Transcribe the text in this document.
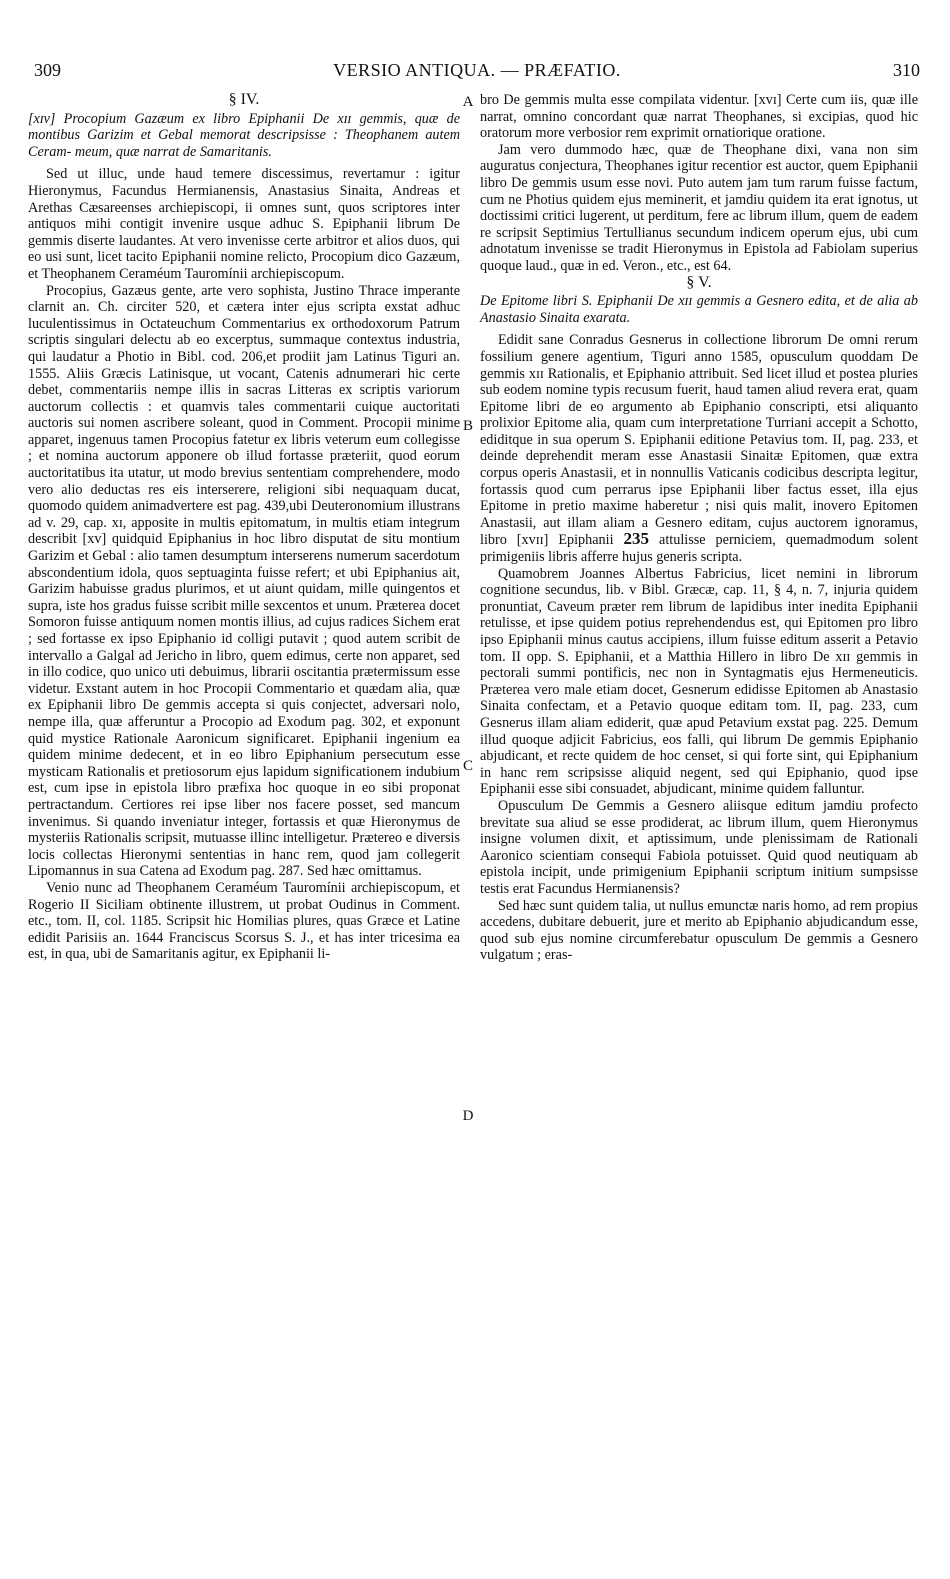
309	VERSIO ANTIQUA. — PRÆFATIO.	310
A
B
C
D
§ IV.

[xɪv] Procopium Gazæum ex libro Epiphanii De xɪɪ gemmis, quæ de montibus Garizim et Gebal memorat descripsisse : Theophanem autem Ceram- meum, quæ narrat de Samaritanis.

Sed ut illuc, unde haud temere discessimus, revertamur : igitur Hieronymus, Facundus Hermianensis, Anastasius Sinaita, Andreas et Arethas Cæsareenses archiepiscopi, ii omnes sunt, quos scriptores inter antiquos mihi contigit invenire usque adhuc S. Epiphanii librum De gemmis diserte laudantes. At vero invenisse certe arbitror et alios duos, qui eo usi sunt, licet tacito Epiphanii nomine relicto, Procopium dico Gazæum, et Theophanem Ceraméum Tauromínii archiepiscopum.

Procopius, Gazæus gente, arte vero sophista, Justino Thrace imperante clarnit an. Ch. circiter 520, et cætera inter ejus scripta exstat adhuc luculentissimus in Octateuchum Commentarius ex orthodoxorum Patrum scriptis singulari delectu ab eo excerptus, summaque contextus industria, qui laudatur a Photio in Bibl. cod. 206,et prodiit jam Latinus Tiguri an. 1555. Aliis Græcis Latinisque, ut vocant, Catenis adnumerari hic certe debet, commentariis nempe illis in sacras Litteras ex scriptis variorum auctorum collectis : et quamvis tales commentarii cuique auctoritati auctoris sui nomen ascribere soleant, quod in Comment. Procopii minime apparet, ingenuus tamen Procopius fatetur ex libris veterum eum collegisse ; et nomina auctorum apponere ob illud fortasse præteriit, quod eorum auctoritatibus ita utatur, ut modo brevius sententiam comprehendere, modo vero alio deductas res eis interserere, religioni sibi nequaquam ducat, quomodo quidem animadvertere est pag. 439,ubi Deuteronomium illustrans ad v. 29, cap. xɪ, apposite in multis epitomatum, in multis etiam integrum describit [xv] quidquid Epiphanius in hoc libro disputat de situ montium Garizim et Gebal : alio tamen desumptum interserens numerum sacerdotum abscondentium idola, quos septuaginta fuisse refert; et ubi Epiphanius ait, Garizim habuisse gradus plurimos, et ut aiunt quidam, mille quingentos et supra, iste hos gradus fuisse scribit mille sexcentos et unum. Præterea docet Somoron fuisse antiquum nomen montis illius, ad cujus radices Sichem erat ; sed fortasse ex ipso Epiphanio id colligi putavit ; quod autem scribit de intervallo a Galgal ad Jericho in libro, quem edimus, certe non apparet, sed in illo codice, quo unico uti debuimus, librarii oscitantia prætermissum esse videtur. Exstant autem in hoc Procopii Commentario et quædam alia, quæ ex Epiphanii libro De gemmis accepta si quis conjectet, adversari nolo, nempe illa, quæ afferuntur a Procopio ad Exodum pag. 302, et exponunt quid mystice Rationale Aaronicum significaret. Epiphanii ingenium ea quidem minime dedecent, et in eo libro Epiphanium persecutum esse mysticam Rationalis et pretiosorum ejus lapidum significationem indubium est, cum ipse in epistola libro præfixa hoc quoque in eo sibi proponat pertractandum. Certiores rei ipse liber nos facere posset, sed mancum invenimus. Si quando inveniatur integer, fortassis et quæ Hieronymus de mysteriis Rationalis scripsit, mutuasse illinc intelligetur. Prætereo e diversis locis collectas Hieronymi sententias in hanc rem, quod jam collegerit Lipomannus in sua Catena ad Exodum pag. 287. Sed hæc omittamus.

Venio nunc ad Theophanem Ceraméum Tauromínii archiepiscopum, et Rogerio II Siciliam obtinente illustrem, ut probat Oudinus in Comment. etc., tom. II, col. 1185. Scripsit hic Homilias plures, quas Græce et Latine edidit Parisiis an. 1644 Franciscus Scorsus S. J., et has inter tricesima ea est, in qua, ubi de Samaritanis agitur, ex Epiphanii li-

bro De gemmis multa esse compilata videntur. [xvɪ] Certe cum iis, quæ ille narrat, omnino concordant quæ narrat Theophanes, si excipias, quod hic oratorum more verbosior rem exprimit ornatiorique oratione.

Jam vero dummodo hæc, quæ de Theophane dixi, vana non sim auguratus conjectura, Theophanes igitur recentior est auctor, quem Epiphanii libro De gemmis usum esse novi. Puto autem jam tum rarum fuisse factum, cum ne Photius quidem ejus meminerit, et jamdiu quidem ita erat ignotus, ut doctissimi critici lugerent, ut perditum, fere ac librum illum, quem de eadem re scripsit Septimius Tertullianus secundum indicem operum ejus, ubi cum adnotatum invenisse se tradit Hieronymus in Epistola ad Fabiolam superius quoque laud., quæ in ed. Veron., etc., est 64.

§ V.

De Epitome libri S. Epiphanii De xɪɪ gemmis a Gesnero edita, et de alia ab Anastasio Sinaita exarata.

Edidit sane Conradus Gesnerus in collectione librorum De omni rerum fossilium genere agentium, Tiguri anno 1585, opusculum quoddam De gemmis xɪɪ Rationalis, et Epiphanio attribuit. Sed licet illud et postea pluries sub eodem nomine typis recusum fuerit, haud tamen aliud revera erat, quam Epitome libri de eo argumento ab Epiphanio conscripti, etsi aliquanto prolixior Epitome alia, quam cum interpretatione Turriani accepit a Schotto, ediditque in sua operum S. Epiphanii editione Petavius tom. II, pag. 233, et deinde deprehendit meram esse Anastasii Sinaitæ Epitomen, quæ extra corpus operis Anastasii, et in nonnullis Vaticanis codicibus descripta legitur, fortassis quod cum perrarus ipse Epiphanii liber factus esset, illa ejus Epitome in pretio maxime haberetur ; nisi quis malit, inovero Epitomen Anastasii, aut illam aliam a Gesnero editam, cujus auctorem ignoramus, libro [xvɪɪ] Epiphanii 235 attulisse perniciem, quemadmodum solent primigeniis libris afferre hujus generis scripta.

Quamobrem Joannes Albertus Fabricius, licet nemini in librorum cognitione secundus, lib. v Bibl. Græcæ, cap. 11, § 4, n. 7, injuria quidem pronuntiat, Caveum præter rem librum de lapidibus inter inedita Epiphanii retulisse, et ipse quidem potius reprehendendus est, qui Epitomen pro libro ipso Epiphanii minus cautus accipiens, illum fuisse editum asserit a Petavio tom. II opp. S. Epiphanii, et a Matthia Hillero in libro De xɪɪ gemmis in pectorali summi pontificis, nec non in Syntagmatis ejus Hermeneuticis. Præterea vero male etiam docet, Gesnerum edidisse Epitomen ab Anastasio Sinaita confectam, et a Petavio quoque editam tom. II, pag. 233, cum Gesnerus illam aliam ediderit, quæ apud Petavium exstat pag. 225. Demum illud quoque adjicit Fabricius, eos falli, qui librum De gemmis Epiphanio abjudicant, et recte quidem de hoc censet, si qui forte sint, qui Epiphanium in hanc rem scripsisse aliquid negent, sed qui Epiphanio, quod ipse Epiphanii esse sibi consuadet, abjudicant, minime quidem falluntur.

Opusculum De Gemmis a Gesnero aliisque editum jamdiu profecto brevitate sua aliud se esse prodiderat, ac librum illum, quem Hieronymus insigne volumen dixit, et aptissimum, unde plenissimam de Rationali Aaronico scientiam consequi Fabiola potuisset. Quid quod neutiquam ab epistola incipit, unde primigenium Epiphanii scriptum initium sumpsisse testis erat Facundus Hermianensis?

Sed hæc sunt quidem talia, ut nullus emunctæ naris homo, ad rem propius accedens, dubitare debuerit, jure et merito ab Epiphanio abjudicandum esse, quod sub ejus nomine circumferebatur opusculum De gemmis a Gesnero vulgatum ; eras-
